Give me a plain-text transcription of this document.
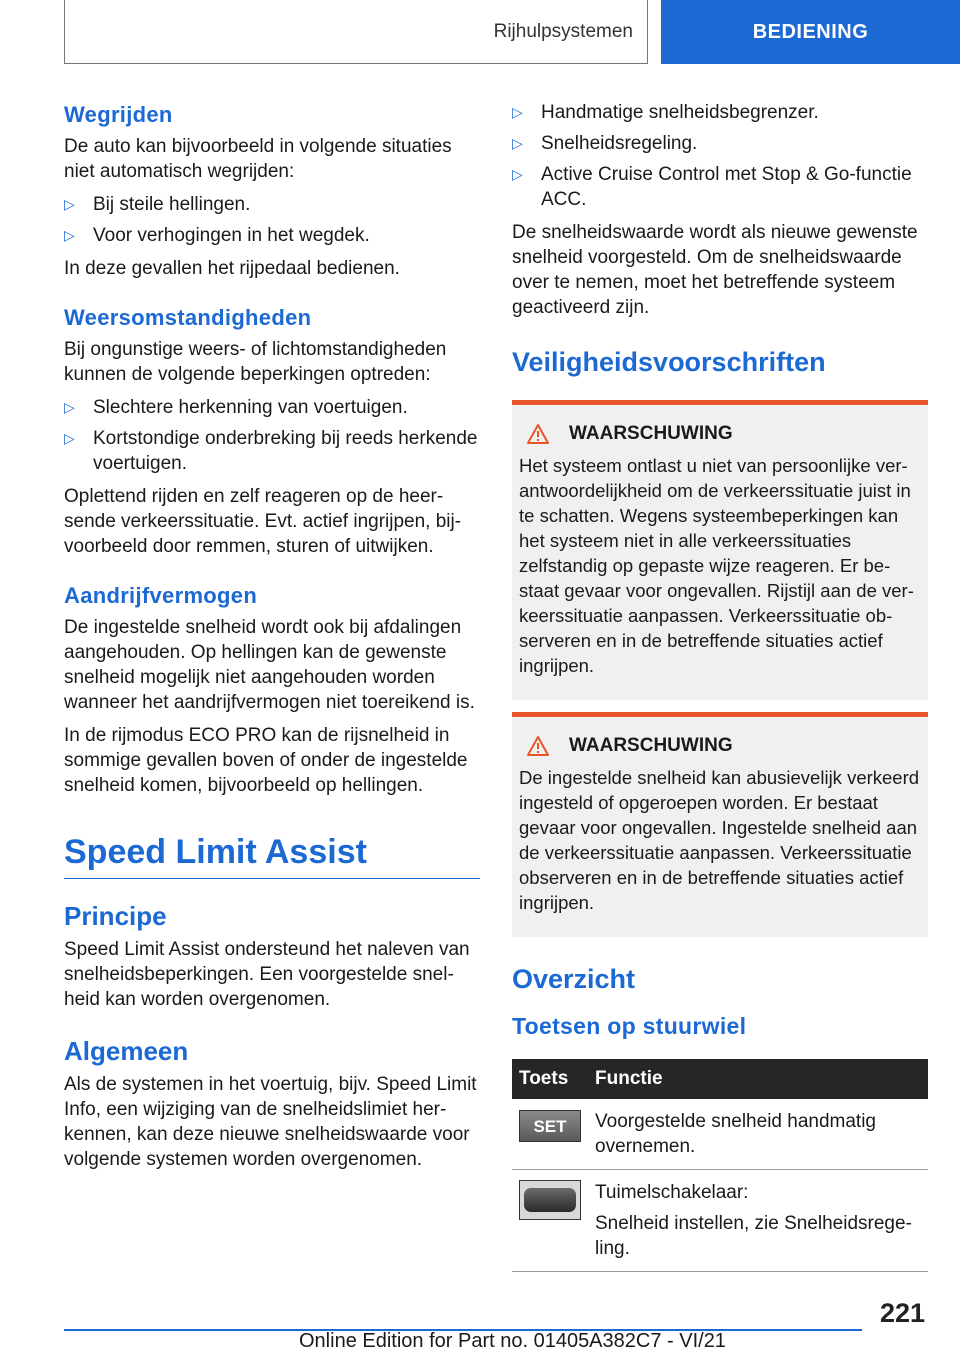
Rijhulpsystemen	BEDIENING
Wegrijden

De auto kan bijvoorbeeld in volgende situaties niet automatisch wegrijden:

▷ Bij steile hellingen.
▷ Voor verhogingen in het wegdek.

In deze gevallen het rijpedaal bedienen.

Weersomstandigheden

Bij ongunstige weers- of lichtomstandigheden kunnen de volgende beperkingen optreden:

▷ Slechtere herkenning van voertuigen.
▷ Kortstondige onderbreking bij reeds herkende voertuigen.

Oplettend rijden en zelf reageren op de heersende verkeerssituatie. Evt. actief ingrijpen, bijvoorbeeld door remmen, sturen of uitwijken.

Aandrijfvermogen

De ingestelde snelheid wordt ook bij afdalingen aangehouden. Op hellingen kan de gewenste snelheid mogelijk niet aangehouden worden wanneer het aandrijfvermogen niet toereikend is.

In de rijmodus ECO PRO kan de rijsnelheid in sommige gevallen boven of onder de ingestelde snelheid komen, bijvoorbeeld op hellingen.

Speed Limit Assist
Principe

Speed Limit Assist ondersteund het naleven van snelheidsbeperkingen. Een voorgestelde snelheid kan worden overgenomen.

Algemeen

Als de systemen in het voertuig, bijv. Speed Limit Info, een wijziging van de snelheidslimiet herkennen, kan deze nieuwe snelheidswaarde voor volgende systemen worden overgenomen.

▷ Handmatige snelheidsbegrenzer.
▷ Snelheidsregeling.
▷ Active Cruise Control met Stop & Go-functie ACC.

De snelheidswaarde wordt als nieuwe gewenste snelheid voorgesteld. Om de snelheidswaarde over te nemen, moet het betreffende systeem geactiveerd zijn.

Veiligheidsvoorschriften
WAARSCHUWING

Het systeem ontlast u niet van persoonlijke verantwoordelijkheid om de verkeerssituatie juist in te schatten. Wegens systeembeperkingen kan het systeem niet in alle verkeerssituaties zelfstandig op gepaste wijze reageren. Er bestaat gevaar voor ongevallen. Rijstijl aan de verkeerssituatie aanpassen. Verkeerssituatie observeren en in de betreffende situaties actief ingrijpen.

WAARSCHUWING

De ingestelde snelheid kan abusievelijk verkeerd ingesteld of opgeroepen worden. Er bestaat gevaar voor ongevallen. Ingestelde snelheid aan de verkeerssituatie aanpassen. Verkeerssituatie observeren en in de betreffende situaties actief ingrijpen.

Overzicht
Toetsen op stuurwiel
Toets	Functie

SET	Voorgestelde snelheid handmatig overnemen.

	Tuimelschakelaar:
Snelheid instellen, zie Snelheidsregeling.
221
Online Edition for Part no. 01405A382C7 - VI/21
